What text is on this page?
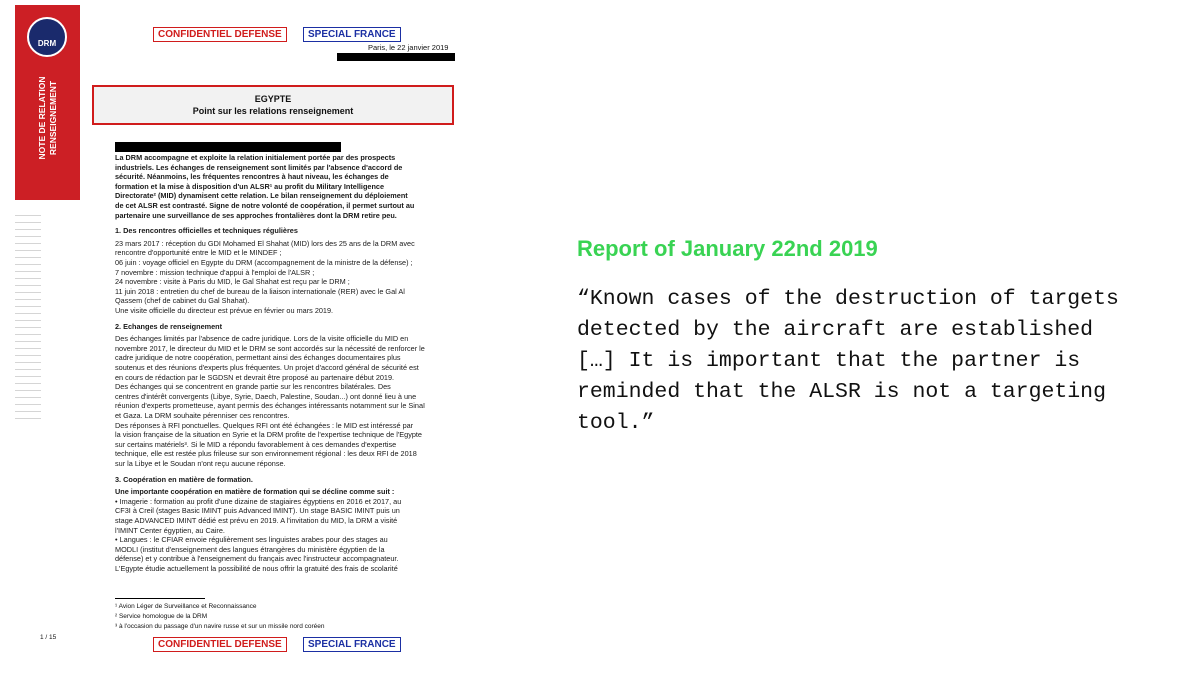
DRM
NOTE DE RELATION RENSEIGNEMENT
CONFIDENTIEL DEFENSE	SPECIAL FRANCE
Paris, le 22 janvier 2019
EGYPTE
Point sur les relations renseignement
¹ Avion Léger de Surveillance et Reconnaissance
² Service homologue de la DRM
³ à l'occasion du passage d'un navire russe et sur un missile nord coréen
1 / 15
CONFIDENTIEL DEFENSE	SPECIAL FRANCE
La DRM accompagne et exploite la relation initialement portée par des prospects
industriels. Les échanges de renseignement sont limités par l'absence d'accord de
sécurité. Néanmoins, les fréquentes rencontres à haut niveau, les échanges de
formation et la mise à disposition d'un ALSR¹ au profit du Military Intelligence
Directorate² (MID) dynamisent cette relation. Le bilan renseignement du déploiement
de cet ALSR est contrasté. Signe de notre volonté de coopération, il permet surtout au
partenaire une surveillance de ses approches frontalières dont la DRM retire peu.
1. Des rencontres officielles et techniques régulières
23 mars 2017 : réception du GDI Mohamed El Shahat (MID) lors des 25 ans de la DRM avec
rencontre d'opportunité entre le MID et le MINDEF ;
06 juin : voyage officiel en Egypte du DRM (accompagnement de la ministre de la défense) ;
7 novembre : mission technique d'appui à l'emploi de l'ALSR ;
24 novembre : visite à Paris du MID, le Gal Shahat est reçu par le DRM ;
11 juin 2018 : entretien du chef de bureau de la liaison internationale (RER) avec le Gal Al
Qassem (chef de cabinet du Gal Shahat).
Une visite officielle du directeur est prévue en février ou mars 2019.
2. Echanges de renseignement
Des échanges limités par l'absence de cadre juridique. Lors de la visite officielle du MID en
novembre 2017, le directeur du MID et le DRM se sont accordés sur la nécessité de renforcer le
cadre juridique de notre coopération, permettant ainsi des échanges documentaires plus
soutenus et des réunions d'experts plus fréquentes. Un projet d'accord général de sécurité est
en cours de rédaction par le SGDSN et devrait être proposé au partenaire début 2019.
Des échanges qui se concentrent en grande partie sur les rencontres bilatérales. Des
centres d'intérêt convergents (Libye, Syrie, Daech, Palestine, Soudan...) ont donné lieu à une
réunion d'experts prometteuse, ayant permis des échanges intéressants notamment sur le Sinaï
et Gaza. La DRM souhaite pérenniser ces rencontres.
Des réponses à RFI ponctuelles. Quelques RFI ont été échangées : le MID est intéressé par
la vision française de la situation en Syrie et la DRM profite de l'expertise technique de l'Egypte
sur certains matériels³. Si le MID a répondu favorablement à ces demandes d'expertise
technique, elle est restée plus frileuse sur son environnement régional : les deux RFI de 2018
sur la Libye et le Soudan n'ont reçu aucune réponse.
3. Coopération en matière de formation.
Une importante coopération en matière de formation qui se décline comme suit :
• Imagerie : formation au profit d'une dizaine de stagiaires égyptiens en 2016 et 2017, au
CF3I à Creil (stages Basic IMINT puis Advanced IMINT). Un stage BASIC IMINT puis un
stage ADVANCED IMINT dédié est prévu en 2019. A l'invitation du MID, la DRM a visité
l'IMINT Center égyptien, au Caire.
• Langues : le CFIAR envoie régulièrement ses linguistes arabes pour des stages au
MODLI (institut d'enseignement des langues étrangères du ministère égyptien de la
défense) et y contribue à l'enseignement du français avec l'instructeur accompagnateur.
L'Egypte étudie actuellement la possibilité de nous offrir la gratuité des frais de scolarité
Report of January 22nd 2019
“Known cases of the destruction of targets
detected by the aircraft are established
[…] It is important that the partner is
reminded that the ALSR is not a targeting
tool.”
